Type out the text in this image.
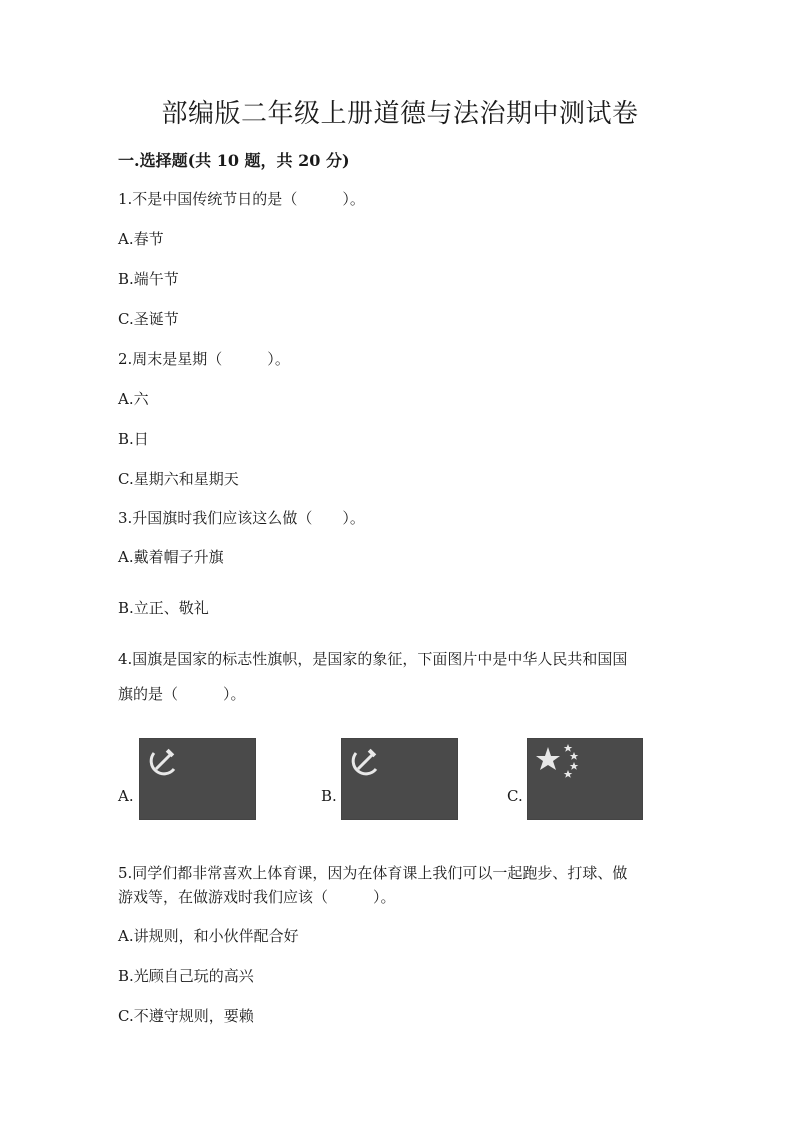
部编版二年级上册道德与法治期中测试卷
一.选择题(共 10 题，共 20 分)
1.不是中国传统节日的是（　　　）。
A.春节
B.端午节
C.圣诞节
2.周末是星期（　　　）。
A.六
B.日
C.星期六和星期天
3.升国旗时我们应该这么做（　　）。
A.戴着帽子升旗
B.立正、敬礼
4.国旗是国家的标志性旗帜，是国家的象征，下面图片中是中华人民共和国国
旗的是（　　　）。
A.	B.	C.
5.同学们都非常喜欢上体育课，因为在体育课上我们可以一起跑步、打球、做
游戏等，在做游戏时我们应该（　　　）。
A.讲规则，和小伙伴配合好
B.光顾自己玩的高兴
C.不遵守规则，要赖
